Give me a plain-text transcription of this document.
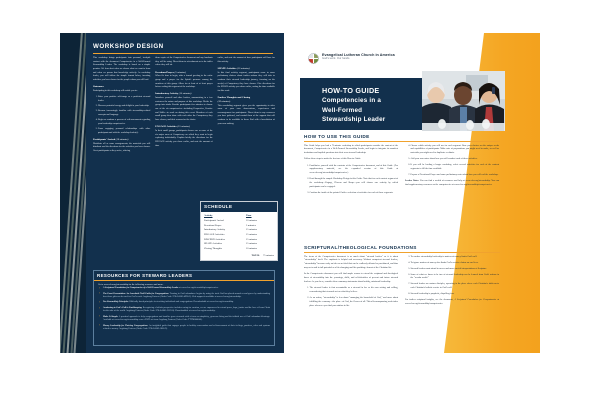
WORKSHOP DESIGN

This workshop brings participants into personal, in-depth contact with the document Competencies in a Well-Formed Stewardship Leader. The workshop is based on a simple premise. We learn best when we choose what we want to learn and when we pursue that knowledge actively. As workshop leader, you will follow the simple format below, inserting activities you have chosen for the people whom you will lead.

Outcomes

Participating in this workshop will enable you to:

1. Raise your positive self-image as a proficient steward leader.
2. Discover potential energy and delight in your leadership.
3. Become increasingly familiar with stewardship-related concepts and language.
4. Begin or continue a process of self-assessment regarding your leadership competencies.
5. Form engaging personal relationships with other participants and with the workshop leader(s).
Participants' Arrival (10 minutes)

Distribute all or some arrangements; the materials you will distribute and the directions for the activities you have chosen. Greet participants as they arrive, offering

them copies of the Competencies document and any handouts they will be using. Direct them to refreshments or to the tables where they will sit.

Devotions/Prayer (5 minutes)

When it's time to begin, offer a formal greeting to the entire group and a prayer for the Spirit's presence among the members of this group. Allow for at least of at least prayer before ending this segment of the workshop.

Introductory Activity (15 minutes)

Introduce yourself and other leaders, summarizing in a few sentences the nature and purpose of this workshop. Divide the group into triads. Provide participants five minutes to choose one of the six competencies—including Perspective, Practice and Skills—to work on during this event. Members of each small group then share with each other the Competency they have chosen, and their reasons for the choice.

ENGAGE Activities (15 minutes)

In their small groups, participants choose one or more of the six major areas of Competency on which they want to begin exploring individually. Explain briefly the directions for the ENGAGE activity you chose earlier, and note the amount of time

earlier, and note the amount of time participants will have for this activity.

SHAPE Activities (15 minutes)

In this final activity segment, participants come to some preliminary choices about further actions they will take to continue their steward leadership journey, focusing on the area(s) of Competency they have chosen. Give directions for the SHAPE activity you chose earlier, noting the time available for this work.

Further Thoughts and Closing
(10 minutes)

This concluding segment gives you the opportunity to offer some of your own observations, experiences and encouragement for participants. Direct them to any resources you have gathered, and remind them of the support that will continue to be available to them. End with a benediction of your own making.

SCHEDULE
Activity	Time
Participants' Arrival	10 minutes
Devotions/Prayer	5 minutes
Introductory Activity	15 minutes
ENGAGE Activities	15 minutes
DISCERN Activities	15 minutes
SHAPE Activities	15 minutes
Closing Thoughts	10 minutes
TOTAL 75 minutes
RESOURCES FOR STEWARD LEADERS
Go to www.elca.org/stewardship for the following resources and more:
• A Scriptural Foundation for Competencies of a Well-Formed Stewardship Leader at www.elca.org/stewardship/competencies.
• The Great Presentation: An Anecdotal Field Guide for Congregations. Trusting in God's abundance begins by using the tools God has placed around us and grows by understanding how those gifts can be used for God's work. Augsburg Fortress (Order Code: 978-6-0001-4990-2). Web support is available at www.elca.org/stewardship.
• Ten Stewardship Principles. Biblically based principles for teaching individuals and congregations. Downloadable at www.elca.org/stewardship.
• Awakening to God's Call to Earthkeeping. Recognizing a holistic perspective includes caring for creation, we are empowered to extend peace, hope, justice and the love of Jesus Christ for the sake of the world. Augsburg Fortress (Order Code: 978-6-0001-2622-0). Downloadable at www.elca.org/stewardship.
• Make It Simple. A practical approach to help congregations and families grow stewards with a focus on simplicity, generous living and the faithful use of God's abundant blessings. Available at www.elca.org/stewardship or as a DVD set from Augsburg Fortress (Order Code: TTTM000046).
• Money Leadership for Thriving Congregations. An insightful guide that engages people in healthy conversation and self-assessment of their feelings, practices, roles and systems related to money. Augsburg Fortress (Order Code: 978-6-0002-1806-9).
Evangelical Lutheran Church in America
God's work. Our hands.
HOW-TO GUIDE
Competencies in a
Well-Formed
Stewardship Leader
HOW TO USE THIS GUIDE

This Guide helps you lead a 75-minute workshop in which participants consider the content of the document, Competencies in a Well-Formed Stewardship Leader, and begin to integrate its manifest invitations and implied questions into their own steward leadership.

Follow these steps to make the best use of this How-to Guide:

1. Familiarize yourself with the contents of the Competencies document, and of this Guide. (For supplementary material, see the expanded version of this Guide at www.elca.org/stewardship/competencies.)
2. Read through the sample Workshop Design in this Guide. Note that for each content segment of the workshop—Engage, Discern and Shape—you will choose one activity by which participants can be engaged.
3. Confirm the inside of the printed Guide a selection of activities for each of those segments.
4. Choose which activity you will use for each segment. Base your choices on the unique needs and capabilities of participants. Make note of preparations you might need to make, as well as materials you might need to duplicate or obtain.
5. Add your own notes about how you will conduct each of these activities.
6. If you will be leading a longer workshop, select several activities for each of the content segments to fill the time available.
7. Prepare a Devotional Prayer and some preliminary notes about how you will end the workshop.

Leader Notes: You can find a wealth of resources and help at www.elca.org/stewardship. You can find supplementary resources on the competencies at www.elca.org/stewardship/competencies.

SCRIPTURAL/THEOLOGICAL FOUNDATIONS

The focus of the Competencies document is as much about "steward leaders" as it is about "stewardship" itself. The emphasis is helpful and necessary. Without competent steward leaders, "stewardship" becomes only an idea or an ideal that can be endlessly debated or proclaimed, and thus may not result in full potential as a life-changing and life-profiting element of the Christian life.

In the Competencies document you will find ample reason to extend the scriptural and theological bases of stewardship into the yearnings, skills, and self-identities of present and future steward leaders. As you do so, consider these summary statements about healthy, missional leadership:

1. The steward leader is first accountable as a steward in her or his own setting and calling, remembering that stewards act on what they believe.
2. As an action, "stewardship" is less about "managing the household of God," and more about fulfilling the economy—the plan—of God, the Owner of all. This all-encompassing work takes place wherever you find your station in life.
3. To confine stewardship leadership to matters of money limits God's call.
4. To ignore matters of money also limits God's creative claims on our lives.
5. Steward leaders must attend to newer and more careful interpretations of Scripture.
6. Some of what we know to be true of steward leadership can be learned from God's actions in the "secular world."
7. Steward leaders are mature disciples, operating in the place where each Christian's faith meets each Christian's holistic service to God's call.
8. Steward leadership is prophetic, dispelling fear.

For further scriptural insights, see the document, A Scriptural Foundation for Competencies at www.elca.org/stewardship/competencies.
